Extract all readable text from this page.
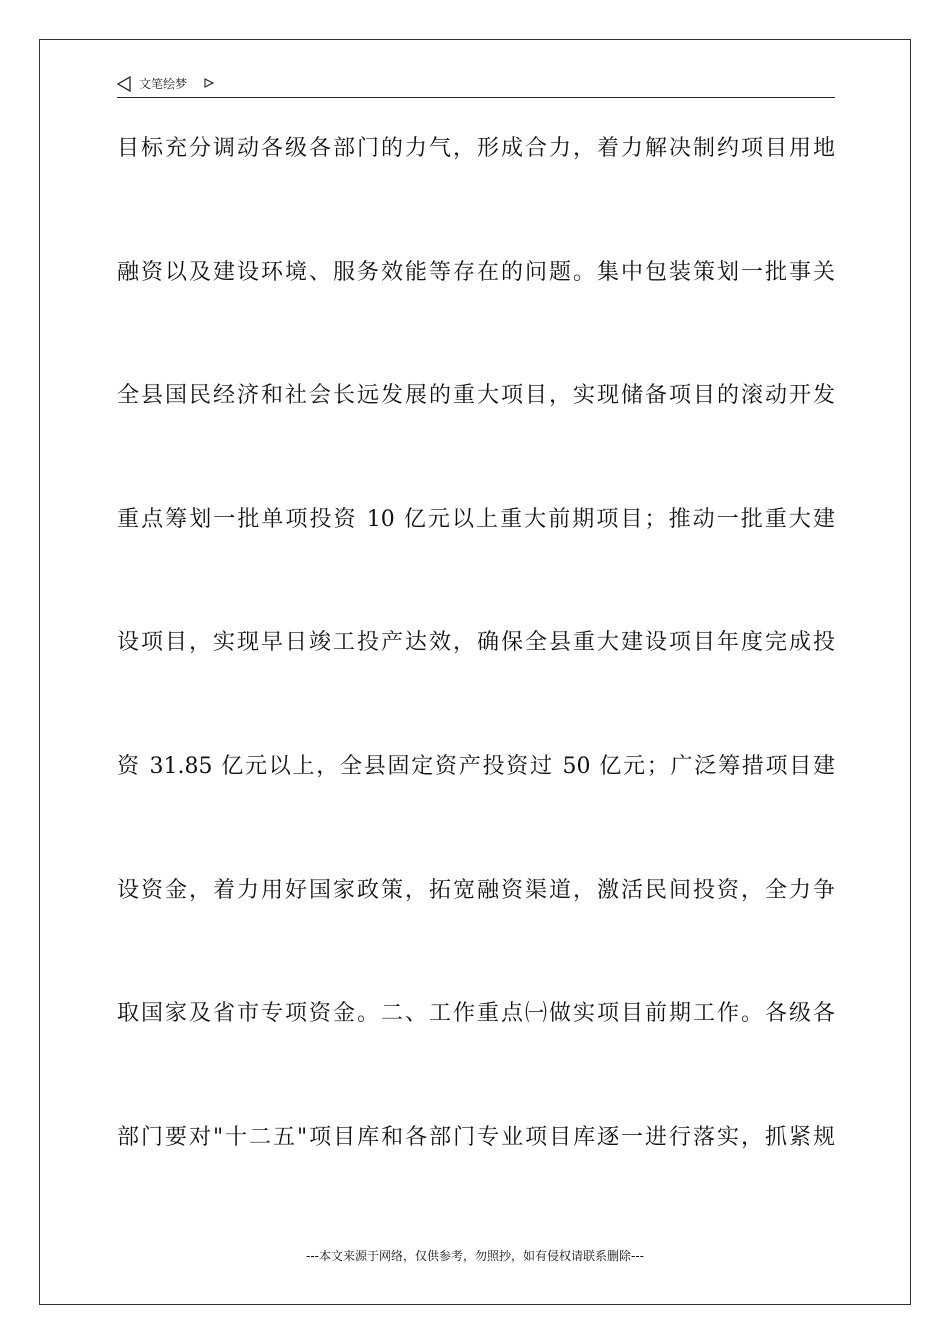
文笔绘梦
目标充分调动各级各部门的力气，形成合力，着力解决制约项目用地
融资以及建设环境、服务效能等存在的问题。集中包装策划一批事关
全县国民经济和社会长远发展的重大项目，实现储备项目的滚动开发
重点筹划一批单项投资 10 亿元以上重大前期项目；推动一批重大建
设项目，实现早日竣工投产达效，确保全县重大建设项目年度完成投
资 31.85 亿元以上，全县固定资产投资过 50 亿元；广泛筹措项目建
设资金，着力用好国家政策，拓宽融资渠道，激活民间投资，全力争
取国家及省市专项资金。二、工作重点㈠做实项目前期工作。各级各
部门要对"十二五"项目库和各部门专业项目库逐一进行落实，抓紧规
---本文来源于网络，仅供参考，勿照抄，如有侵权请联系删除---
